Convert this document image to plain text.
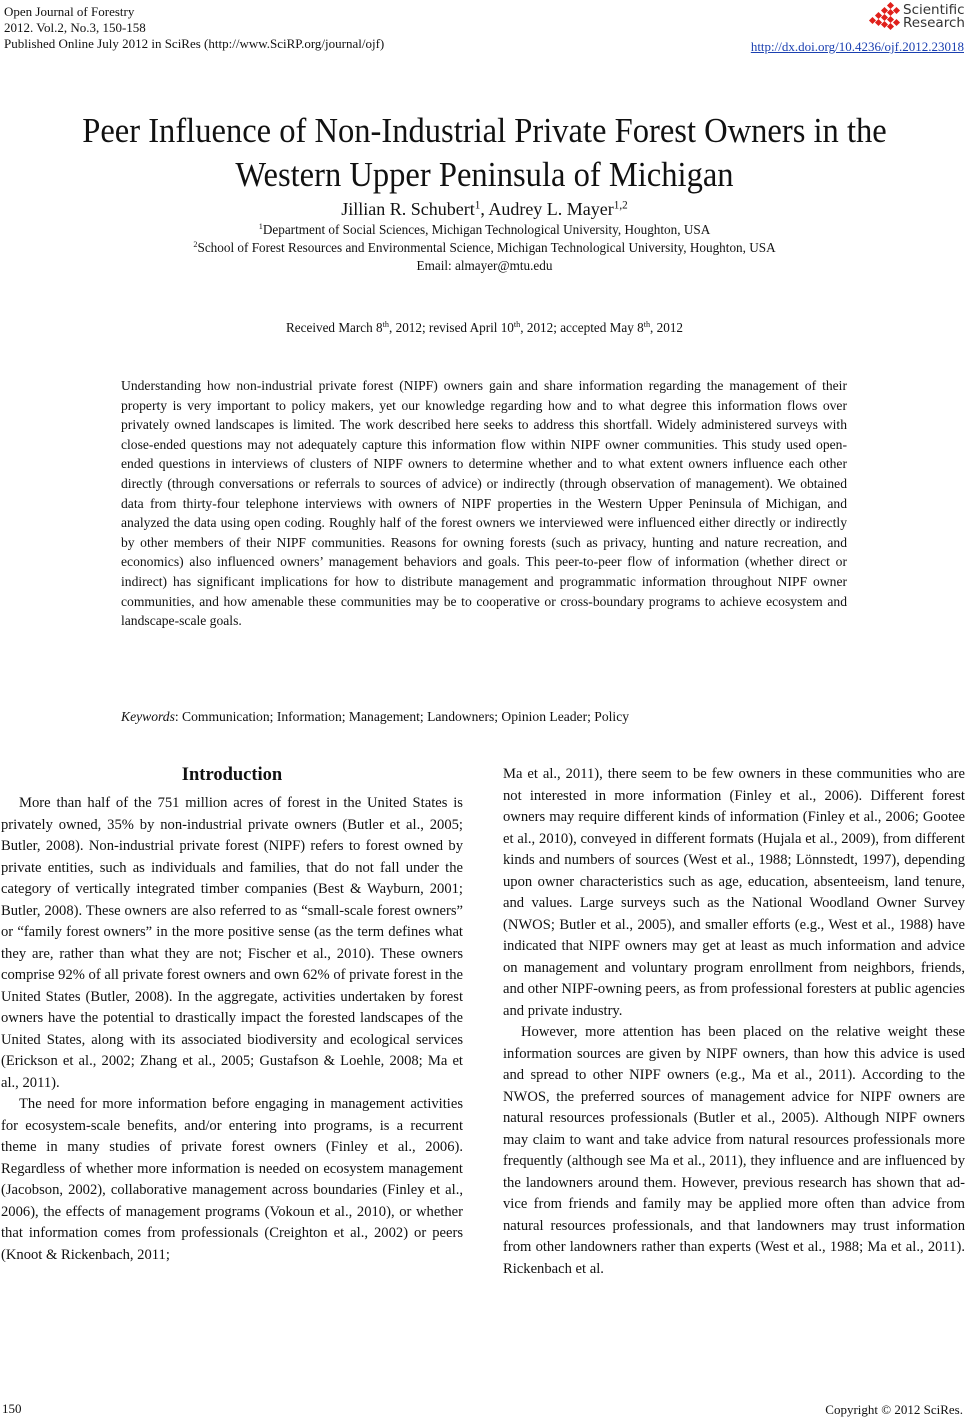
Open Journal of Forestry
2012. Vol.2, No.3, 150-158
Published Online July 2012 in SciRes (http://www.SciRP.org/journal/ojf)
Scientific
Research
http://dx.doi.org/10.4236/ojf.2012.23018
Peer Influence of Non-Industrial Private Forest Owners in the
Western Upper Peninsula of Michigan
Jillian R. Schubert$^1$, Audrey L. Mayer$^{1,2}$
$^1$Department of Social Sciences, Michigan Technological University, Houghton, USA
$^2$School of Forest Resources and Environmental Science, Michigan Technological University, Houghton, USA
Email: almayer@mtu.edu
Received March 8th, 2012; revised April 10th, 2012; accepted May 8th, 2012
Understanding how non-industrial private forest (NIPF) owners gain and share information regarding the management of their property is very important to policy makers, yet our knowledge regarding how and to what degree this information flows over privately owned landscapes is limited. The work described here seeks to address this shortfall. Widely administered surveys with close-ended questions may not adequately capture this information flow within NIPF owner communities. This study used open-ended questions in interviews of clusters of NIPF owners to determine whether and to what extent owners influence each other directly (through conversations or referrals to sources of advice) or indirectly (through observation of management). We obtained data from thirty-four telephone interviews with owners of NIPF properties in the Western Upper Peninsula of Michigan, and analyzed the data using open coding. Roughly half of the forest owners we interviewed were influenced either directly or indirectly by other members of their NIPF communities. Reasons for owning forests (such as privacy, hunting and nature recreation, and economics) also influenced owners’ management behaviors and goals. This peer-to-peer flow of information (whether direct or indirect) has significant implications for how to distribute management and programmatic information throughout NIPF owner communities, and how amenable these communities may be to cooperative or cross-boundary programs to achieve ecosystem and landscape-scale goals.
Keywords: Communication; Information; Management; Landowners; Opinion Leader; Policy
Introduction

More than half of the 751 million acres of forest in the United States is privately owned, 35% by non-industrial private owners (Butler et al., 2005; Butler, 2008). Non-industrial private forest (NIPF) refers to forest owned by private entities, such as individuals and families, that do not fall under the category of vertically integrated timber companies (Best & Wayburn, 2001; Butler, 2008). These owners are also referred to as “small-scale forest owners” or “family forest owners” in the more positive sense (as the term defines what they are, rather than what they are not; Fischer et al., 2010). These owners comprise 92% of all private forest owners and own 62% of private forest in the United States (Butler, 2008). In the aggregate, activities undertaken by forest owners have the potential to drastically impact the forested landscapes of the United States, along with its associated biodiversity and ecological services (Erickson et al., 2002; Zhang et al., 2005; Gustafson & Loehle, 2008; Ma et al., 2011).

The need for more information before engaging in management activities for ecosystem-scale benefits, and/or entering into programs, is a recurrent theme in many studies of private forest owners (Finley et al., 2006). Regardless of whether more information is needed on ecosystem management (Jacobson, 2002), collaborative management across boundaries (Finley et al., 2006), the effects of management programs (Vokoun et al., 2010), or whether that information comes from professionals (Creighton et al., 2002) or peers (Knoot & Rickenbach, 2011;

Ma et al., 2011), there seem to be few owners in these communities who are not interested in more information (Finley et al., 2006). Different forest owners may require different kinds of information (Finley et al., 2006; Gootee et al., 2010), conveyed in different formats (Hujala et al., 2009), from different kinds and numbers of sources (West et al., 1988; Lönnstedt, 1997), depending upon owner characteristics such as age, education, absenteeism, land tenure, and values. Large surveys such as the National Woodland Owner Survey (NWOS; Butler et al., 2005), and smaller efforts (e.g., West et al., 1988) have indicated that NIPF owners may get at least as much information and advice on management and voluntary program enrollment from neighbors, friends, and other NIPF-owning peers, as from professional foresters at public agencies and private industry.

However, more attention has been placed on the relative weight these information sources are given by NIPF owners, than how this advice is used and spread to other NIPF owners (e.g., Ma et al., 2011). According to the NWOS, the preferred sources of management advice for NIPF owners are natural resources professionals (Butler et al., 2005). Although NIPF owners may claim to want and take advice from natural resources professionals more frequently (although see Ma et al., 2011), they influence and are influenced by the landowners around them. However, previous research has shown that advice from friends and family may be applied more often than advice from natural resources professionals, and that landowners may trust information from other landowners rather than experts (West et al., 1988; Ma et al., 2011). Rickenbach et al.

150	Copyright © 2012 SciRes.
